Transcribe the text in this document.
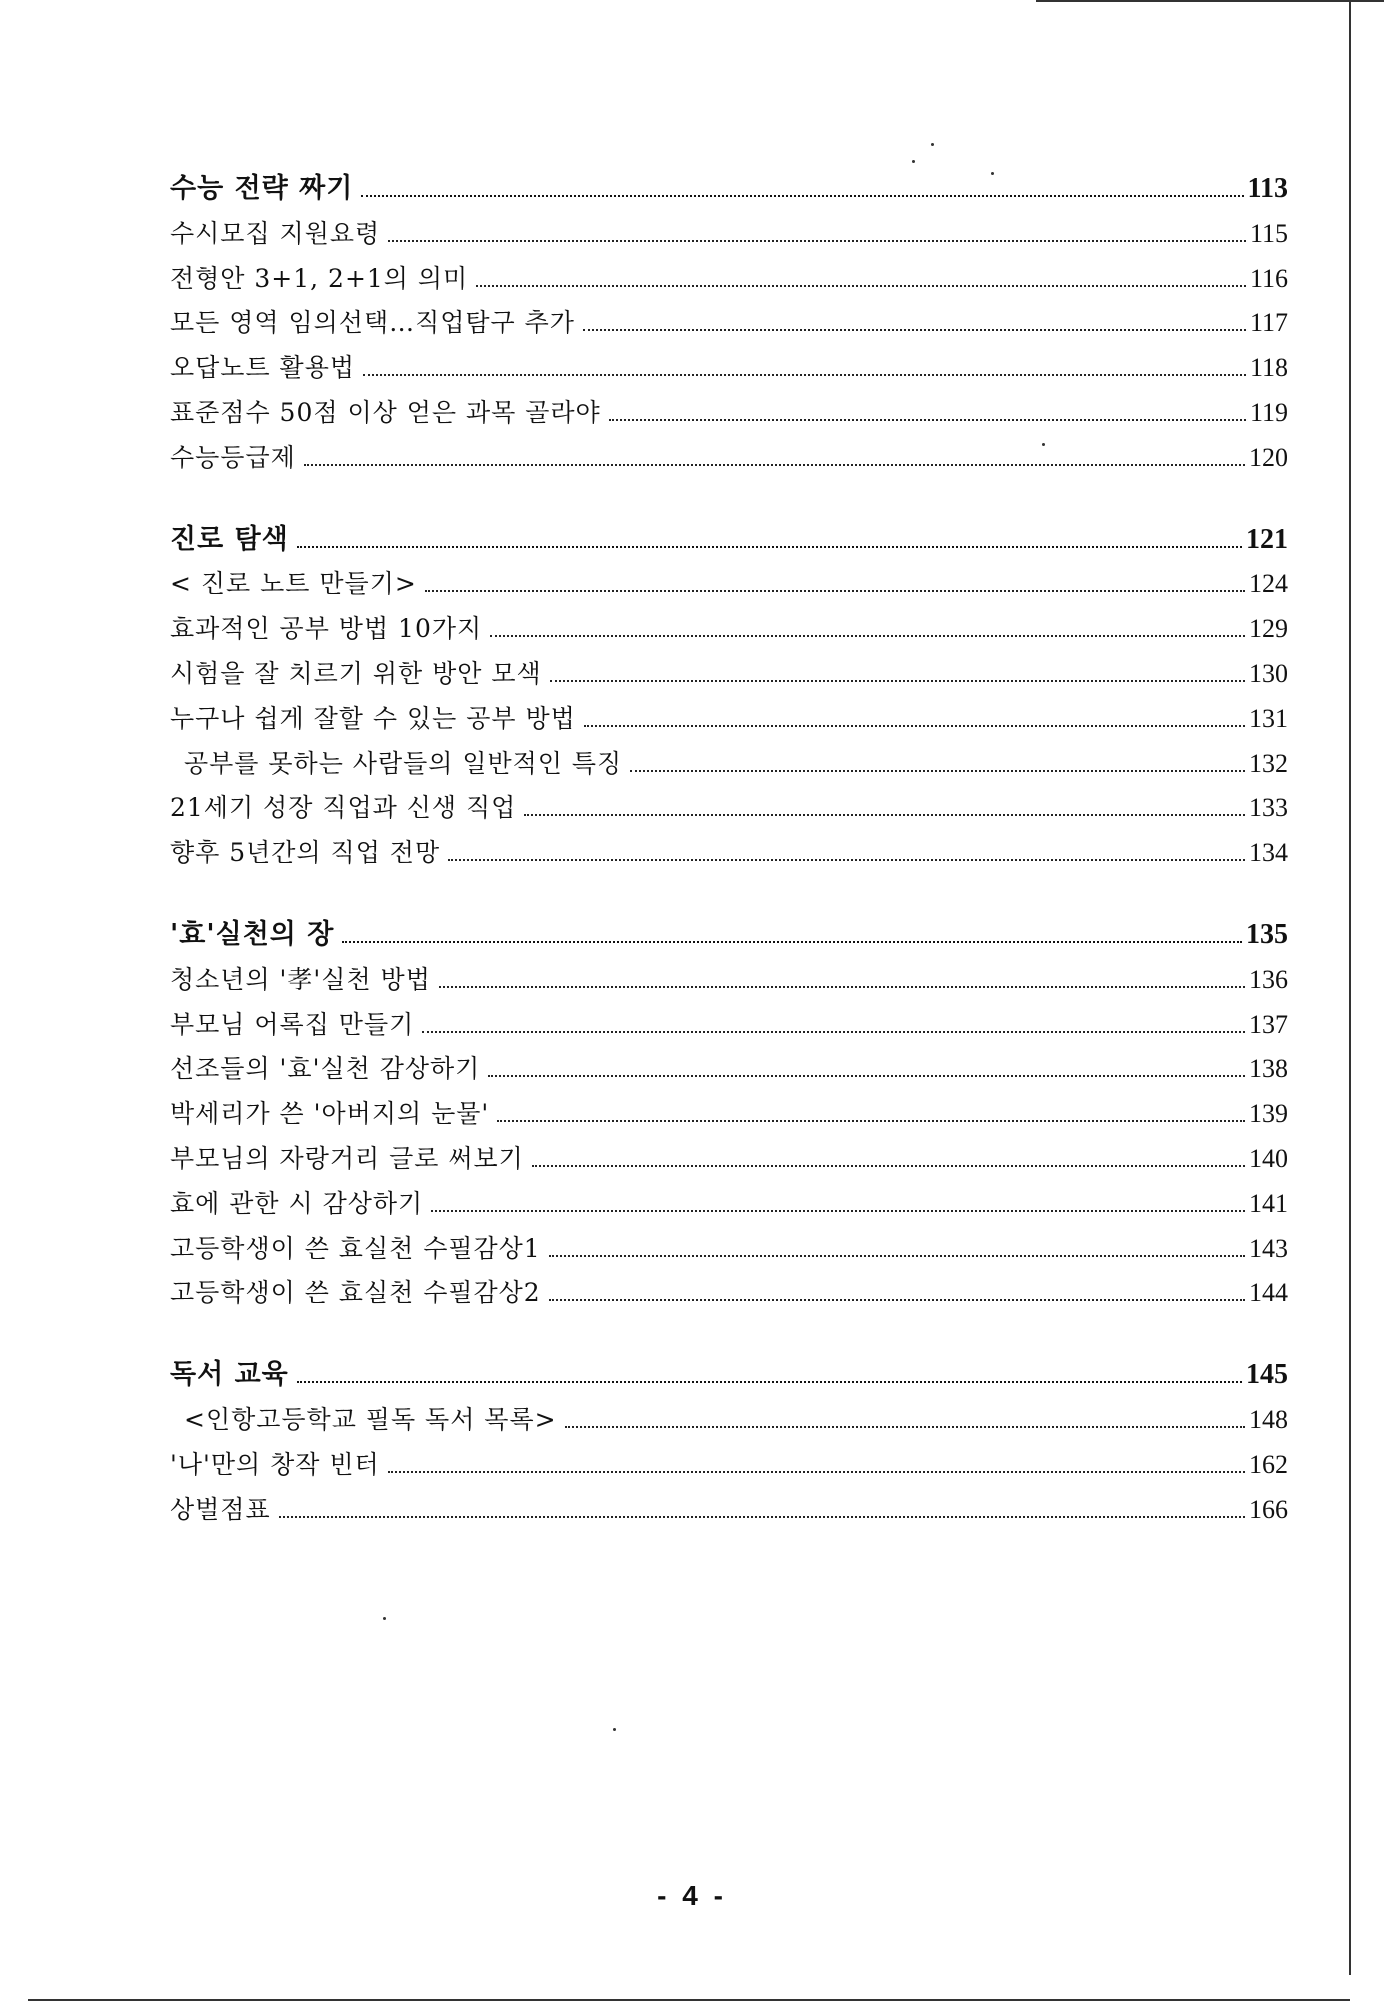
수능 전략 짜기	113
수시모집 지원요령	115
전형안 3+1, 2+1의 의미	116
모든 영역 임의선택…직업탐구 추가	117
오답노트 활용법	118
표준점수 50점 이상 얻은 과목 골라야	119
수능등급제	120
진로 탐색	121
< 진로 노트 만들기>	124
효과적인 공부 방법 10가지	129
시험을 잘 치르기 위한 방안 모색	130
누구나 쉽게 잘할 수 있는 공부 방법	131
공부를 못하는 사람들의 일반적인 특징	132
21세기 성장 직업과 신생 직업	133
향후 5년간의 직업 전망	134
'효'실천의 장	135
청소년의 '孝'실천 방법	136
부모님 어록집 만들기	137
선조들의 '효'실천 감상하기	138
박세리가 쓴 '아버지의 눈물'	139
부모님의 자랑거리 글로 써보기	140
효에 관한 시 감상하기	141
고등학생이 쓴 효실천 수필감상1	143
고등학생이 쓴 효실천 수필감상2	144
독서 교육	145
<인항고등학교 필독 독서 목록>	148
'나'만의 창작 빈터	162
상벌점표	166
- 4 -
